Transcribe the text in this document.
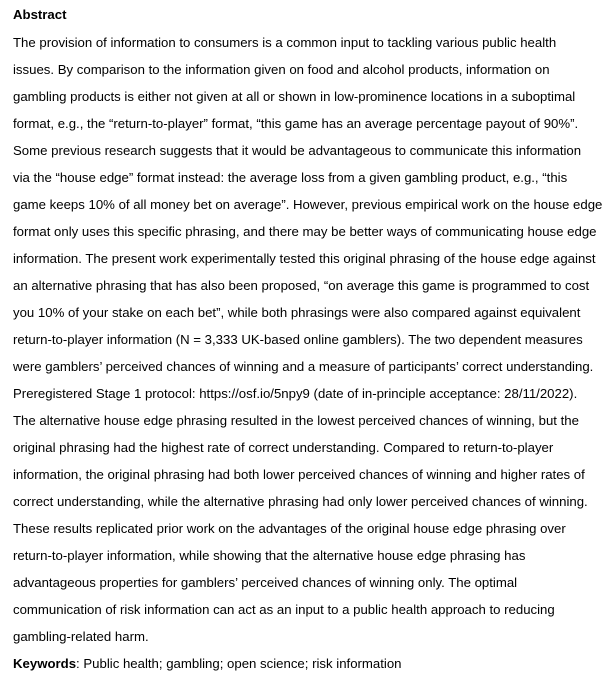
Abstract
The provision of information to consumers is a common input to tackling various public health
issues. By comparison to the information given on food and alcohol products, information on
gambling products is either not given at all or shown in low-prominence locations in a suboptimal
format, e.g., the “return-to-player” format, “this game has an average percentage payout of 90%”.
Some previous research suggests that it would be advantageous to communicate this information
via the “house edge” format instead: the average loss from a given gambling product, e.g., “this
game keeps 10% of all money bet on average”. However, previous empirical work on the house edge
format only uses this specific phrasing, and there may be better ways of communicating house edge
information. The present work experimentally tested this original phrasing of the house edge against
an alternative phrasing that has also been proposed, “on average this game is programmed to cost
you 10% of your stake on each bet”, while both phrasings were also compared against equivalent
return-to-player information (N = 3,333 UK-based online gamblers). The two dependent measures
were gamblers’ perceived chances of winning and a measure of participants’ correct understanding.
Preregistered Stage 1 protocol: https://osf.io/5npy9 (date of in-principle acceptance: 28/11/2022).
The alternative house edge phrasing resulted in the lowest perceived chances of winning, but the
original phrasing had the highest rate of correct understanding. Compared to return-to-player
information, the original phrasing had both lower perceived chances of winning and higher rates of
correct understanding, while the alternative phrasing had only lower perceived chances of winning.
These results replicated prior work on the advantages of the original house edge phrasing over
return-to-player information, while showing that the alternative house edge phrasing has
advantageous properties for gamblers’ perceived chances of winning only. The optimal
communication of risk information can act as an input to a public health approach to reducing
gambling-related harm.
Keywords: Public health; gambling; open science; risk information
